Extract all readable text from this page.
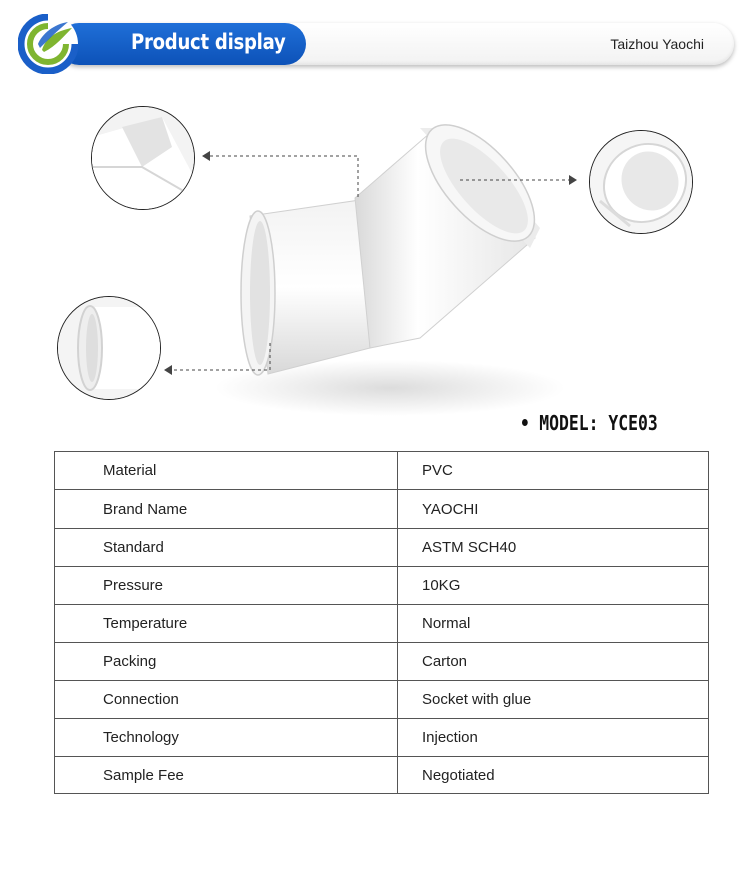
Product display	Taizhou Yaochi
MODEL: YCE03
Material	PVC
Brand Name	YAOCHI
Standard	ASTM SCH40
Pressure	10KG
Temperature	Normal
Packing	Carton
Connection	Socket with glue
Technology	Injection
Sample Fee	Negotiated
